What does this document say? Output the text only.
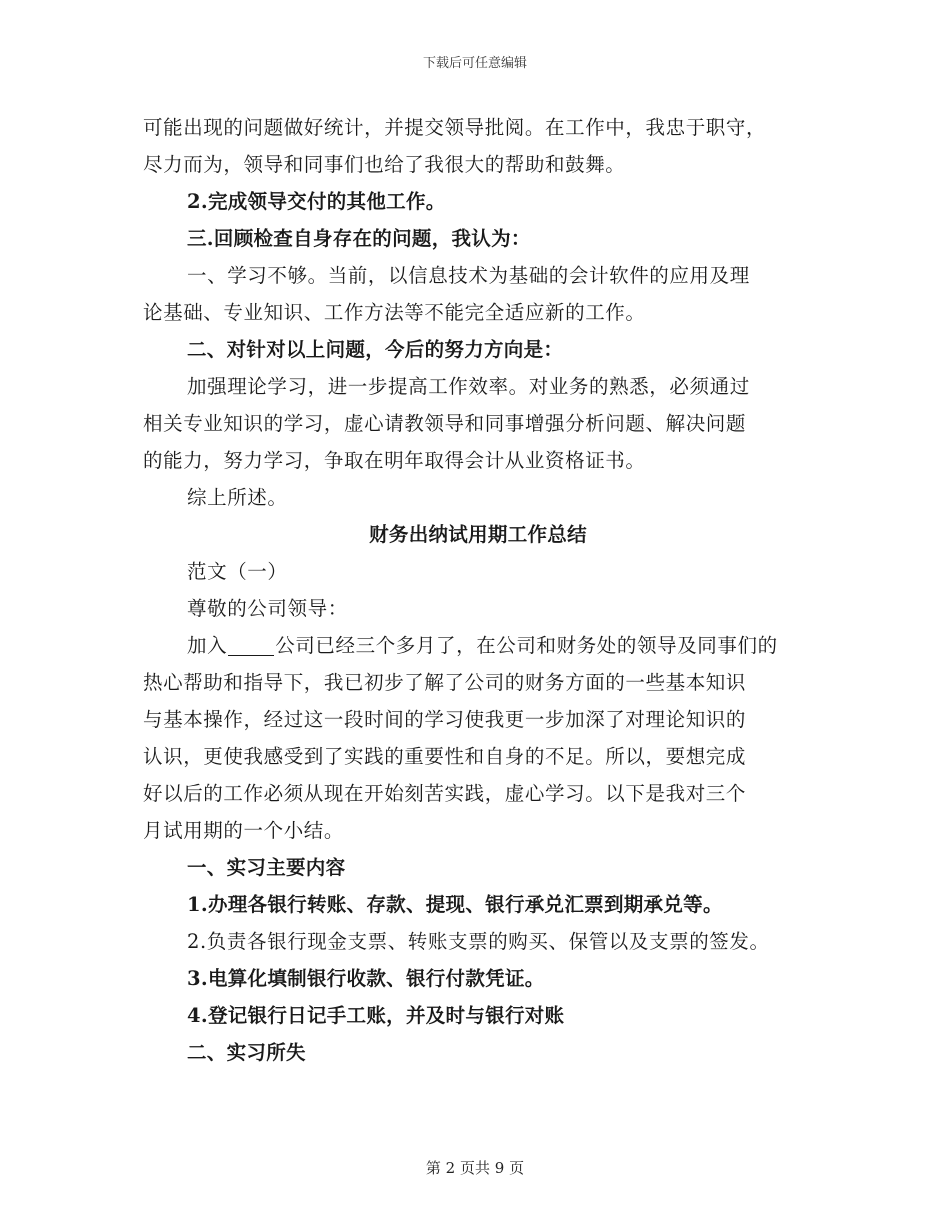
下载后可任意编辑

可能出现的问题做好统计，并提交领导批阅。在工作中，我忠于职守，

尽力而为，领导和同事们也给了我很大的帮助和鼓舞。

2.完成领导交付的其他工作。

三.回顾检查自身存在的问题，我认为：

一、学习不够。当前，以信息技术为基础的会计软件的应用及理

论基础、专业知识、工作方法等不能完全适应新的工作。

二、对针对以上问题，今后的努力方向是：

加强理论学习，进一步提高工作效率。对业务的熟悉，必须通过

相关专业知识的学习，虚心请教领导和同事增强分析问题、解决问题

的能力，努力学习，争取在明年取得会计从业资格证书。

综上所述。

财务出纳试用期工作总结

范文（一）

尊敬的公司领导：

加入 公司已经三个多月了，在公司和财务处的领导及同事们的

热心帮助和指导下，我已初步了解了公司的财务方面的一些基本知识

与基本操作，经过这一段时间的学习使我更一步加深了对理论知识的

认识，更使我感受到了实践的重要性和自身的不足。所以，要想完成

好以后的工作必须从现在开始刻苦实践，虚心学习。以下是我对三个

月试用期的一个小结。

一、实习主要内容

1.办理各银行转账、存款、提现、银行承兑汇票到期承兑等。

2.负责各银行现金支票、转账支票的购买、保管以及支票的签发。

3.电算化填制银行收款、银行付款凭证。

4.登记银行日记手工账，并及时与银行对账

二、实习所失

第 2 页共 9 页
